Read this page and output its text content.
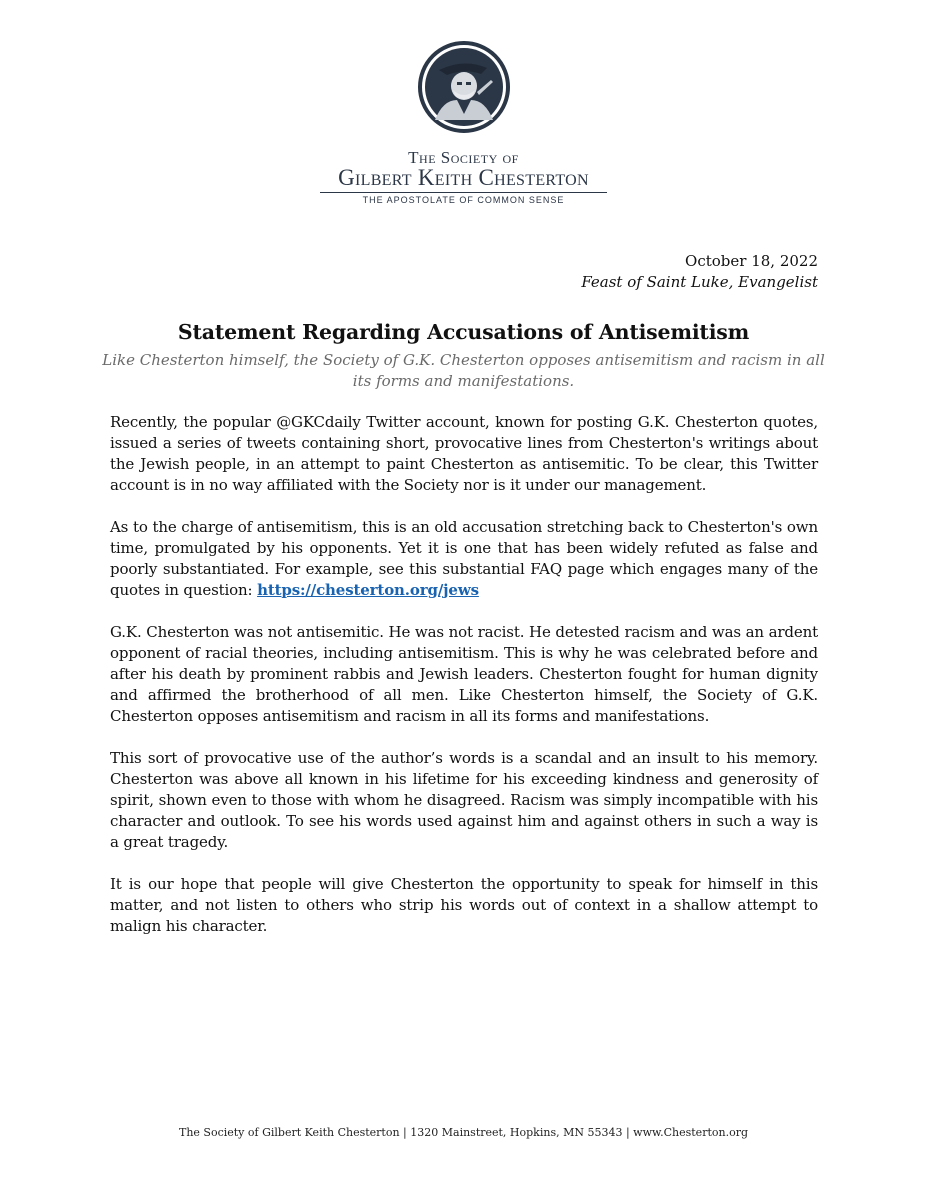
The Society of
Gilbert Keith Chesterton
THE APOSTOLATE OF COMMON SENSE
October 18, 2022
Feast of Saint Luke, Evangelist
Statement Regarding Accusations of Antisemitism
Like Chesterton himself, the Society of G.K. Chesterton opposes antisemitism and racism in all its forms and manifestations.

Recently, the popular @GKCdaily Twitter account, known for posting G.K. Chesterton quotes, issued a series of tweets containing short, provocative lines from Chesterton's writings about the Jewish people, in an attempt to paint Chesterton as antisemitic. To be clear, this Twitter account is in no way affiliated with the Society nor is it under our management.

As to the charge of antisemitism, this is an old accusation stretching back to Chesterton's own time, promulgated by his opponents. Yet it is one that has been widely refuted as false and poorly substantiated. For example, see this substantial FAQ page which engages many of the quotes in question: https://chesterton.org/jews

G.K. Chesterton was not antisemitic. He was not racist. He detested racism and was an ardent opponent of racial theories, including antisemitism. This is why he was celebrated before and after his death by prominent rabbis and Jewish leaders. Chesterton fought for human dignity and affirmed the brotherhood of all men. Like Chesterton himself, the Society of G.K. Chesterton opposes antisemitism and racism in all its forms and manifestations.

This sort of provocative use of the author’s words is a scandal and an insult to his memory. Chesterton was above all known in his lifetime for his exceeding kindness and generosity of spirit, shown even to those with whom he disagreed. Racism was simply incompatible with his character and outlook. To see his words used against him and against others in such a way is a great tragedy.

It is our hope that people will give Chesterton the opportunity to speak for himself in this matter, and not listen to others who strip his words out of context in a shallow attempt to malign his character.

The Society of Gilbert Keith Chesterton | 1320 Mainstreet, Hopkins, MN 55343 | www.Chesterton.org
